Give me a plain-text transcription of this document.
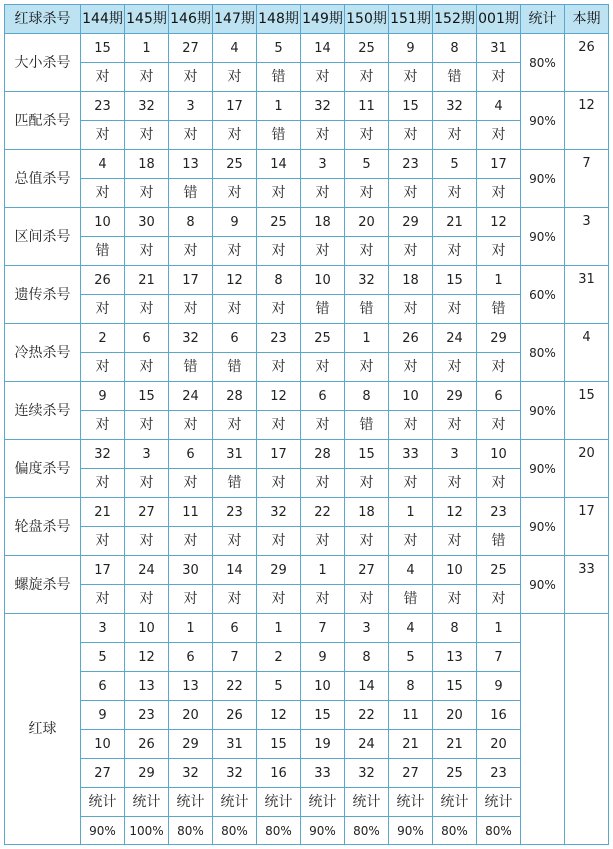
红球杀号	144期	145期	146期	147期	148期	149期	150期	151期	152期	001期	统计	本期
大小杀号	15	1	27	4	5	14	25	9	8	31	80%	26
	对	对	对	对	错	对	对	对	错	对		
匹配杀号	23	32	3	17	1	32	11	15	32	4	90%	12
	对	对	对	对	错	对	对	对	对	对		
总值杀号	4	18	13	25	14	3	5	23	5	17	90%	7
	对	对	错	对	对	对	对	对	对	对		
区间杀号	10	30	8	9	25	18	20	29	21	12	90%	3
	错	对	对	对	对	对	对	对	对	对		
遗传杀号	26	21	17	12	8	10	32	18	15	1	60%	31
	对	对	对	对	对	错	错	对	对	错		
冷热杀号	2	6	32	6	23	25	1	26	24	29	80%	4
	对	对	错	错	对	对	对	对	对	对		
连续杀号	9	15	24	28	12	6	8	10	29	6	90%	15
	对	对	对	对	对	对	错	对	对	对		
偏度杀号	32	3	6	31	17	28	15	33	3	10	90%	20
	对	对	对	错	对	对	对	对	对	对		
轮盘杀号	21	27	11	23	32	22	18	1	12	23	90%	17
	对	对	对	对	对	对	对	对	对	错		
螺旋杀号	17	24	30	14	29	1	27	4	10	25	90%	33
	对	对	对	对	对	对	对	错	对	对		
红球	3	10	1	6	1	7	3	4	8	1		
	5	12	6	7	2	9	8	5	13	7		
	6	13	13	22	5	10	14	8	15	9		
	9	23	20	26	12	15	22	11	20	16		
	10	26	29	31	15	19	24	21	21	20		
	27	29	32	32	16	33	32	27	25	23		
	统计	统计	统计	统计	统计	统计	统计	统计	统计	统计		
	90%	100%	80%	80%	80%	90%	80%	90%	80%	80%		
